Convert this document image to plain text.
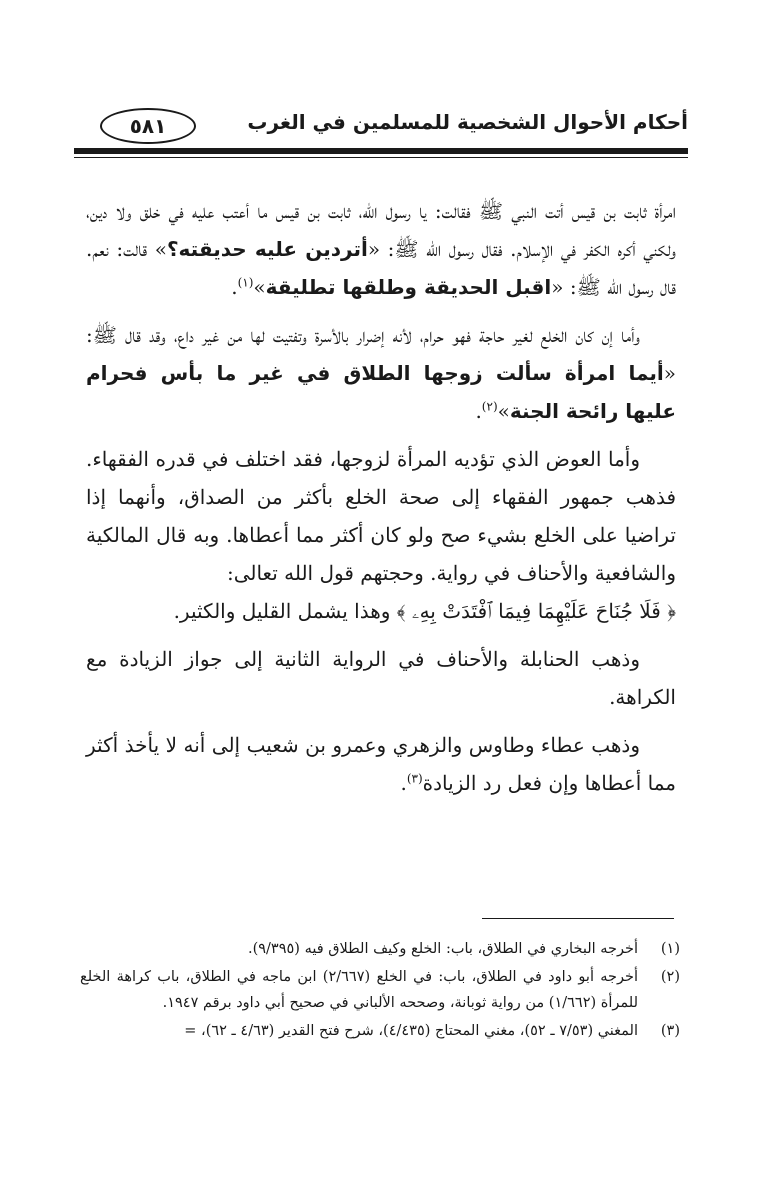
أحكام الأحوال الشخصية للمسلمين في الغرب
٥٨١

امرأة ثابت بن قيس أتت النبي ﷺ فقالت: يا رسول الله، ثابت بن قيس ما أعتب عليه في خلق ولا دين، ولكني أكره الكفر في الإسلام. فقال رسول الله ﷺ: «أتردين عليه حديقته؟» قالت: نعم. قال رسول الله ﷺ: «اقبل الحديقة وطلقها تطليقة»$^{(١)}$.

وأما إن كان الخلع لغير حاجة فهو حرام، لأنه إضرار بالأسرة وتفتيت لها من غير داع، وقد قال ﷺ: «أيما امرأة سألت زوجها الطلاق في غير ما بأس فحرام عليها رائحة الجنة»$^{(٢)}$.

وأما العوض الذي تؤديه المرأة لزوجها، فقد اختلف في قدره الفقهاء. فذهب جمهور الفقهاء إلى صحة الخلع بأكثر من الصداق، وأنهما إذا تراضيا على الخلع بشيء صح ولو كان أكثر مما أعطاها. وبه قال المالكية والشافعية والأحناف في رواية. وحجتهم قول الله تعالى:
﴿ فَلَا جُنَاحَ عَلَيْهِمَا فِيمَا ٱفْتَدَتْ بِهِۦ ﴾ وهذا يشمل القليل والكثير.

وذهب الحنابلة والأحناف في الرواية الثانية إلى جواز الزيادة مع الكراهة.

وذهب عطاء وطاوس والزهري وعمرو بن شعيب إلى أنه لا يأخذ أكثر مما أعطاها وإن فعل رد الزيادة$^{(٣)}$.

(١)
أخرجه البخاري في الطلاق، باب: الخلع وكيف الطلاق فيه (٩/٣٩٥).
(٢)
أخرجه أبو داود في الطلاق، باب: في الخلع (٢/٦٦٧) ابن ماجه في الطلاق، باب كراهة الخلع للمرأة (١/٦٦٢) من رواية ثوبانة، وصححه الألباني في صحيح أبي داود برقم ١٩٤٧.
(٣)
المغني (٧/٥٣ ـ ٥٢)، مغني المحتاج (٤/٤٣٥)، شرح فتح القدير (٤/٦٣ ـ ٦٢)، =
